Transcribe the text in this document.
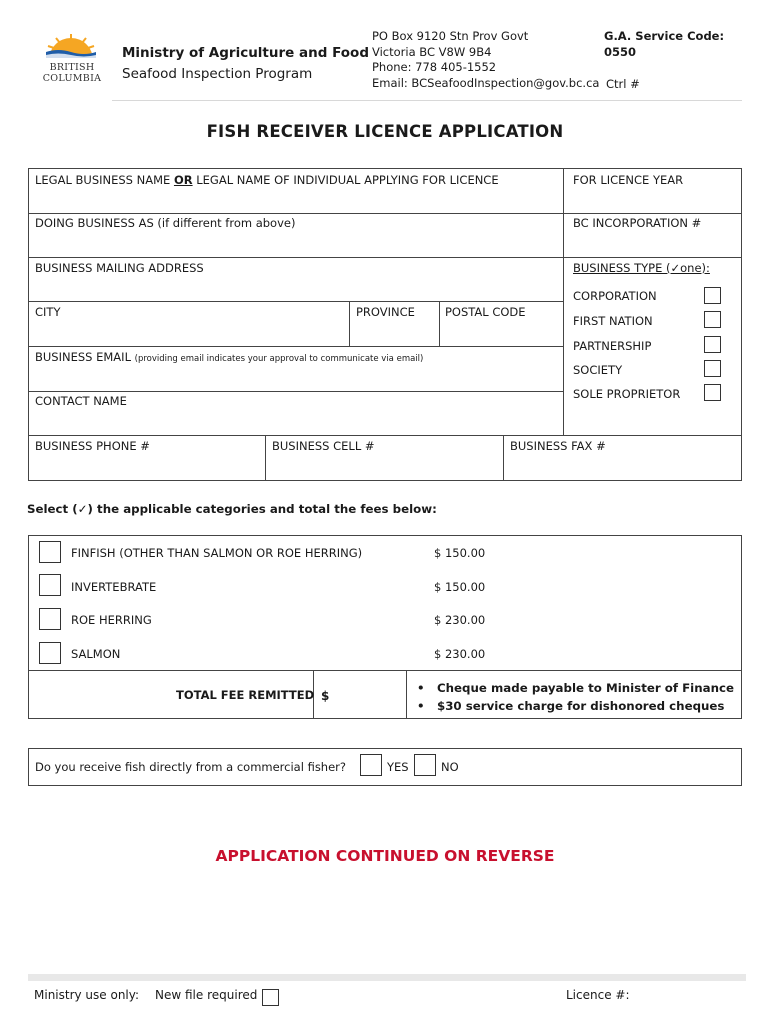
BRITISH
COLUMBIA
Ministry of Agriculture and Food
Seafood Inspection Program
PO Box 9120 Stn Prov Govt
Victoria BC V8W 9B4
Phone: 778 405-1552
Email: BCSeafoodInspection@gov.bc.ca
G.A. Service Code:
0550
Ctrl #
FISH RECEIVER LICENCE APPLICATION
LEGAL BUSINESS NAME OR LEGAL NAME OF INDIVIDUAL APPLYING FOR LICENCE	FOR LICENCE YEAR
DOING BUSINESS AS (if different from above)	BC INCORPORATION #
BUSINESS MAILING ADDRESS	BUSINESS TYPE (✓one):
CITY	PROVINCE	POSTAL CODE
BUSINESS EMAIL (providing email indicates your approval to communicate via email)
CONTACT NAME
BUSINESS PHONE #	BUSINESS CELL #	BUSINESS FAX #
CORPORATION
FIRST NATION
PARTNERSHIP
SOCIETY
SOLE PROPRIETOR
Select (✓) the applicable categories and total the fees below:
FINFISH (OTHER THAN SALMON OR ROE HERRING)	$ 150.00
INVERTEBRATE	$ 150.00
ROE HERRING	$ 230.00
SALMON	$ 230.00
TOTAL FEE REMITTED $
• Cheque made payable to Minister of Finance
• $30 service charge for dishonored cheques
Do you receive fish directly from a commercial fisher?	YES	NO
APPLICATION CONTINUED ON REVERSE
Ministry use only: New file required	Licence #:
